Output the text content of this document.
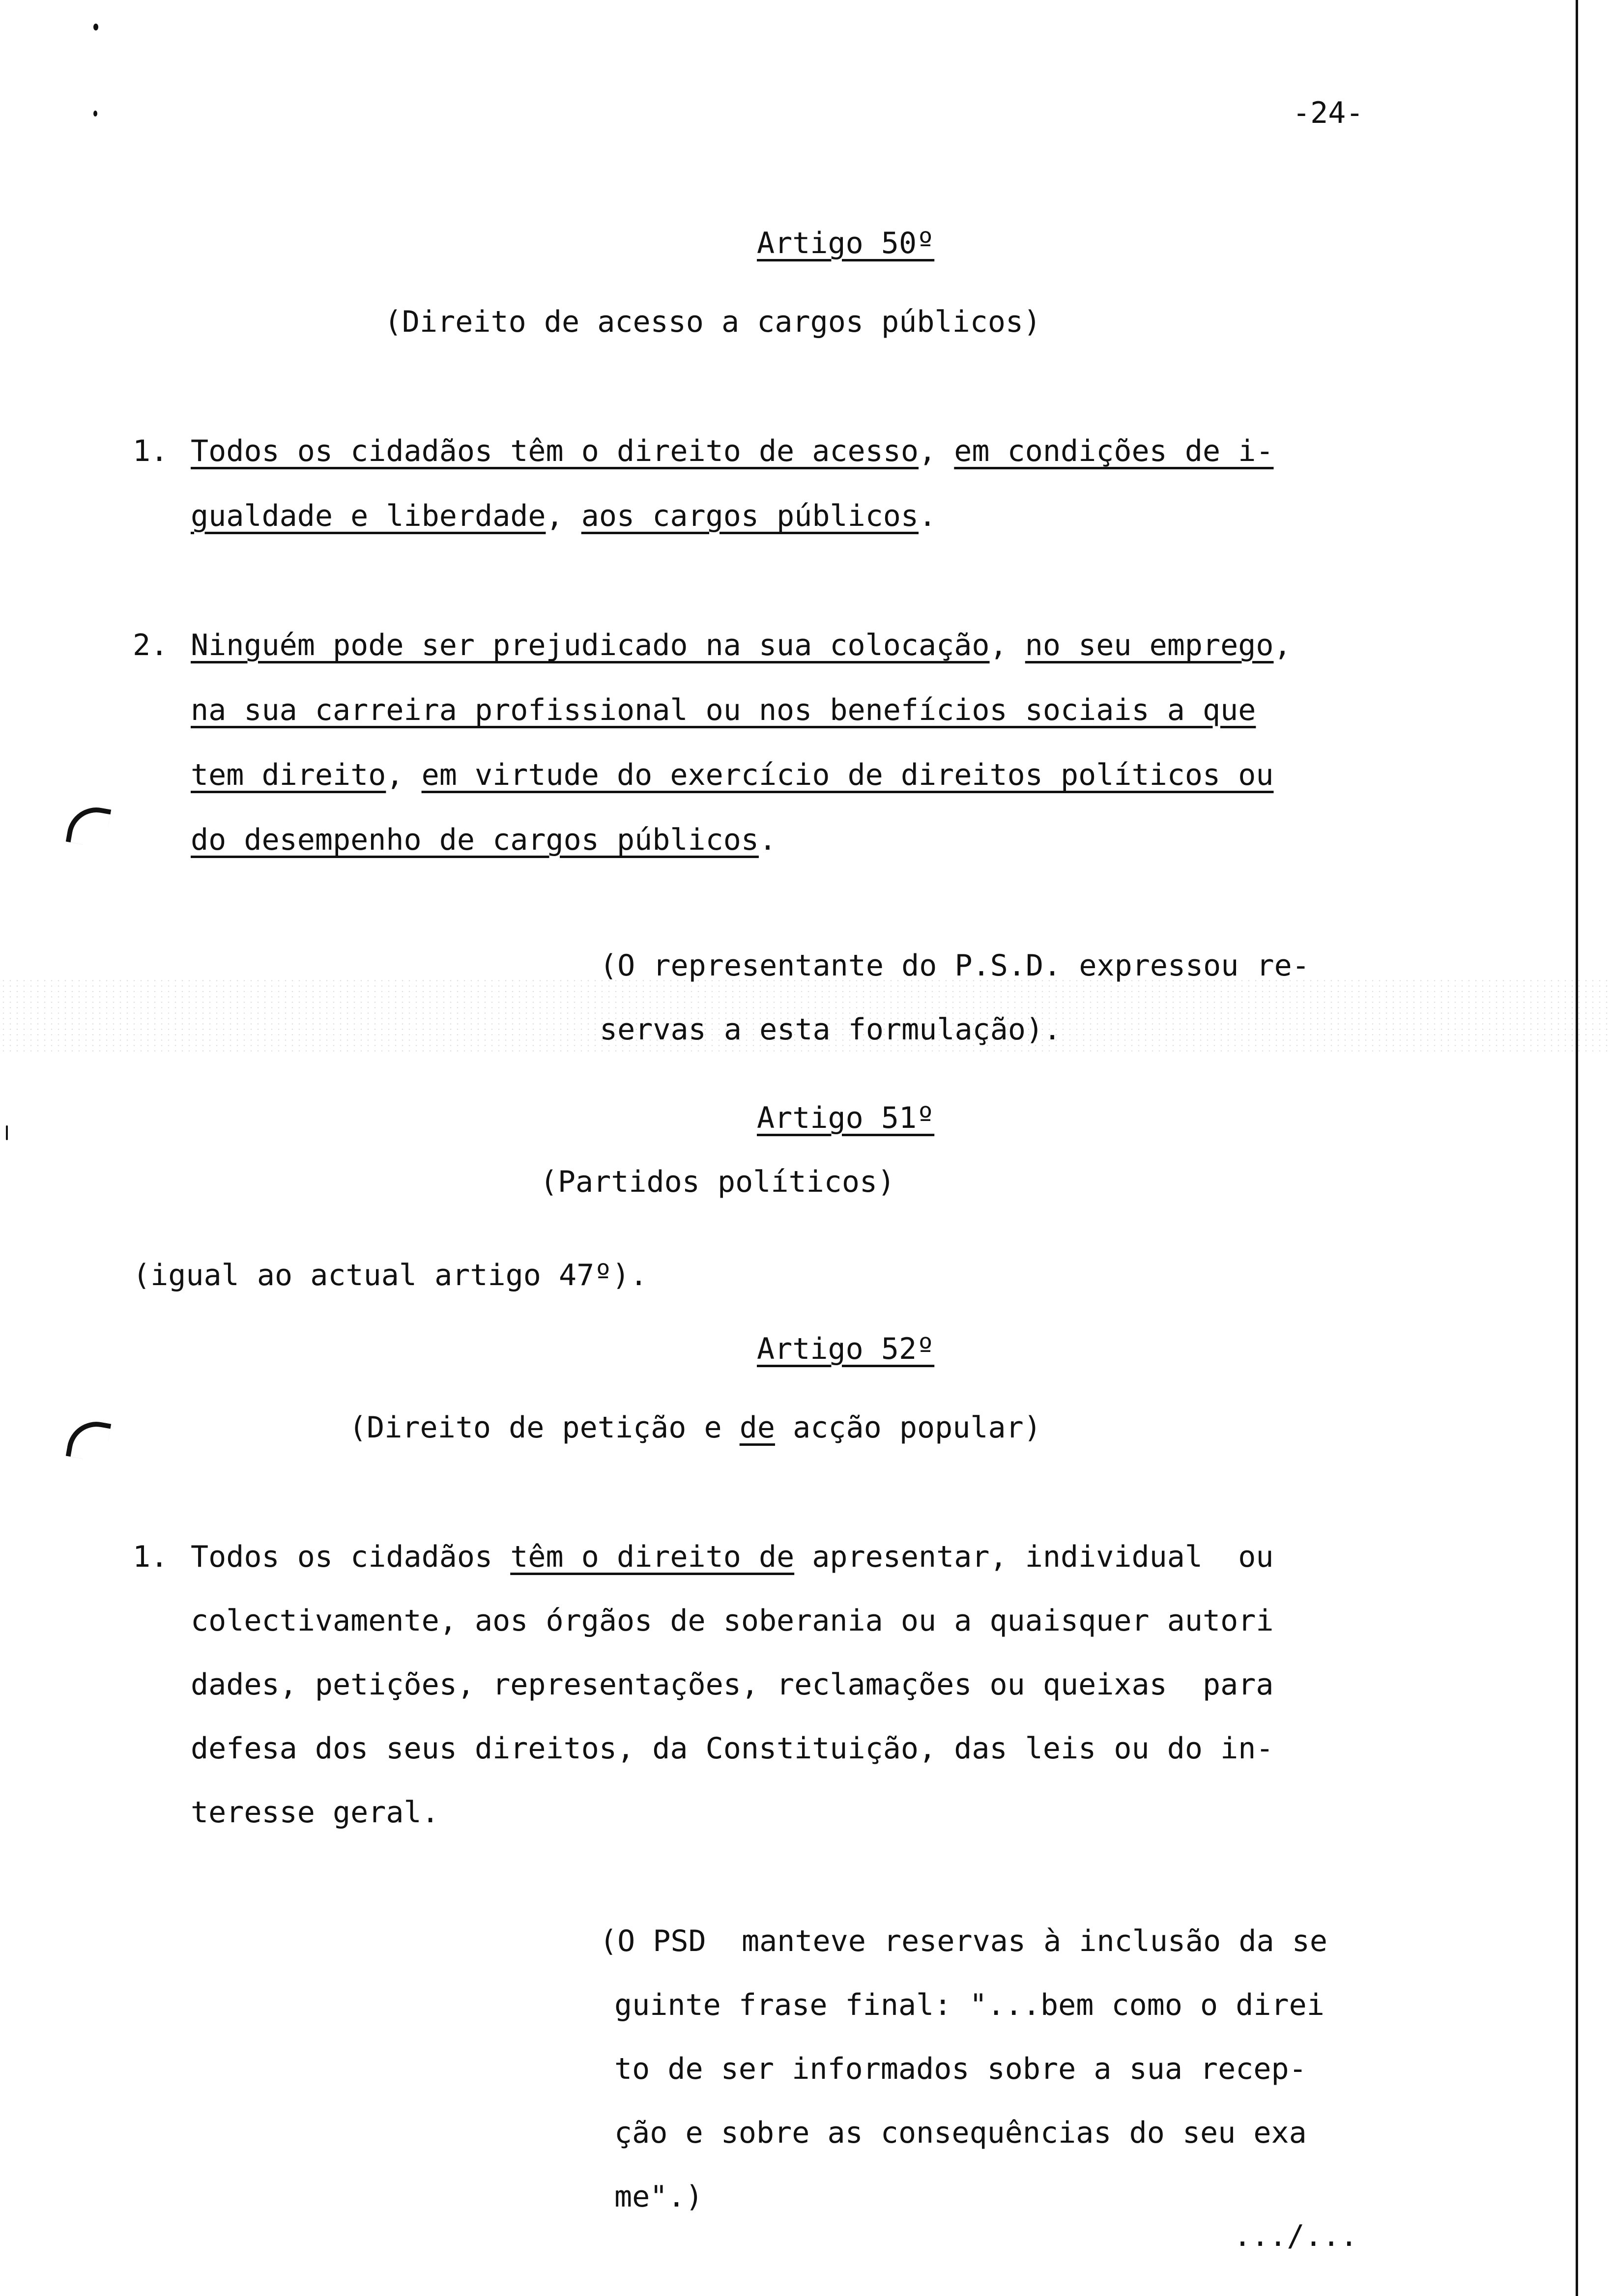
-24-

Artigo 50º

(Direito de acesso a cargos públicos)

1. Todos os cidadãos têm o direito de acesso, em condições de i-

gualdade e liberdade, aos cargos públicos.

2. Ninguém pode ser prejudicado na sua colocação, no seu emprego,

na sua carreira profissional ou nos benefícios sociais a que

tem direito, em virtude do exercício de direitos políticos ou

do desempenho de cargos públicos.

(O representante do P.S.D. expressou re-

servas a esta formulação).

Artigo 51º

(Partidos políticos)

(igual ao actual artigo 47º).

Artigo 52º

(Direito de petição e de acção popular)

1. Todos os cidadãos têm o direito de apresentar, individual  ou

colectivamente, aos órgãos de soberania ou a quaisquer autori

dades, petições, representações, reclamações ou queixas  para

defesa dos seus direitos, da Constituição, das leis ou do in-

teresse geral.

(O PSD  manteve reservas à inclusão da se

guinte frase final: "...bem como o direi

to de ser informados sobre a sua recep-

ção e sobre as consequências do seu exa

me".)

.../...
